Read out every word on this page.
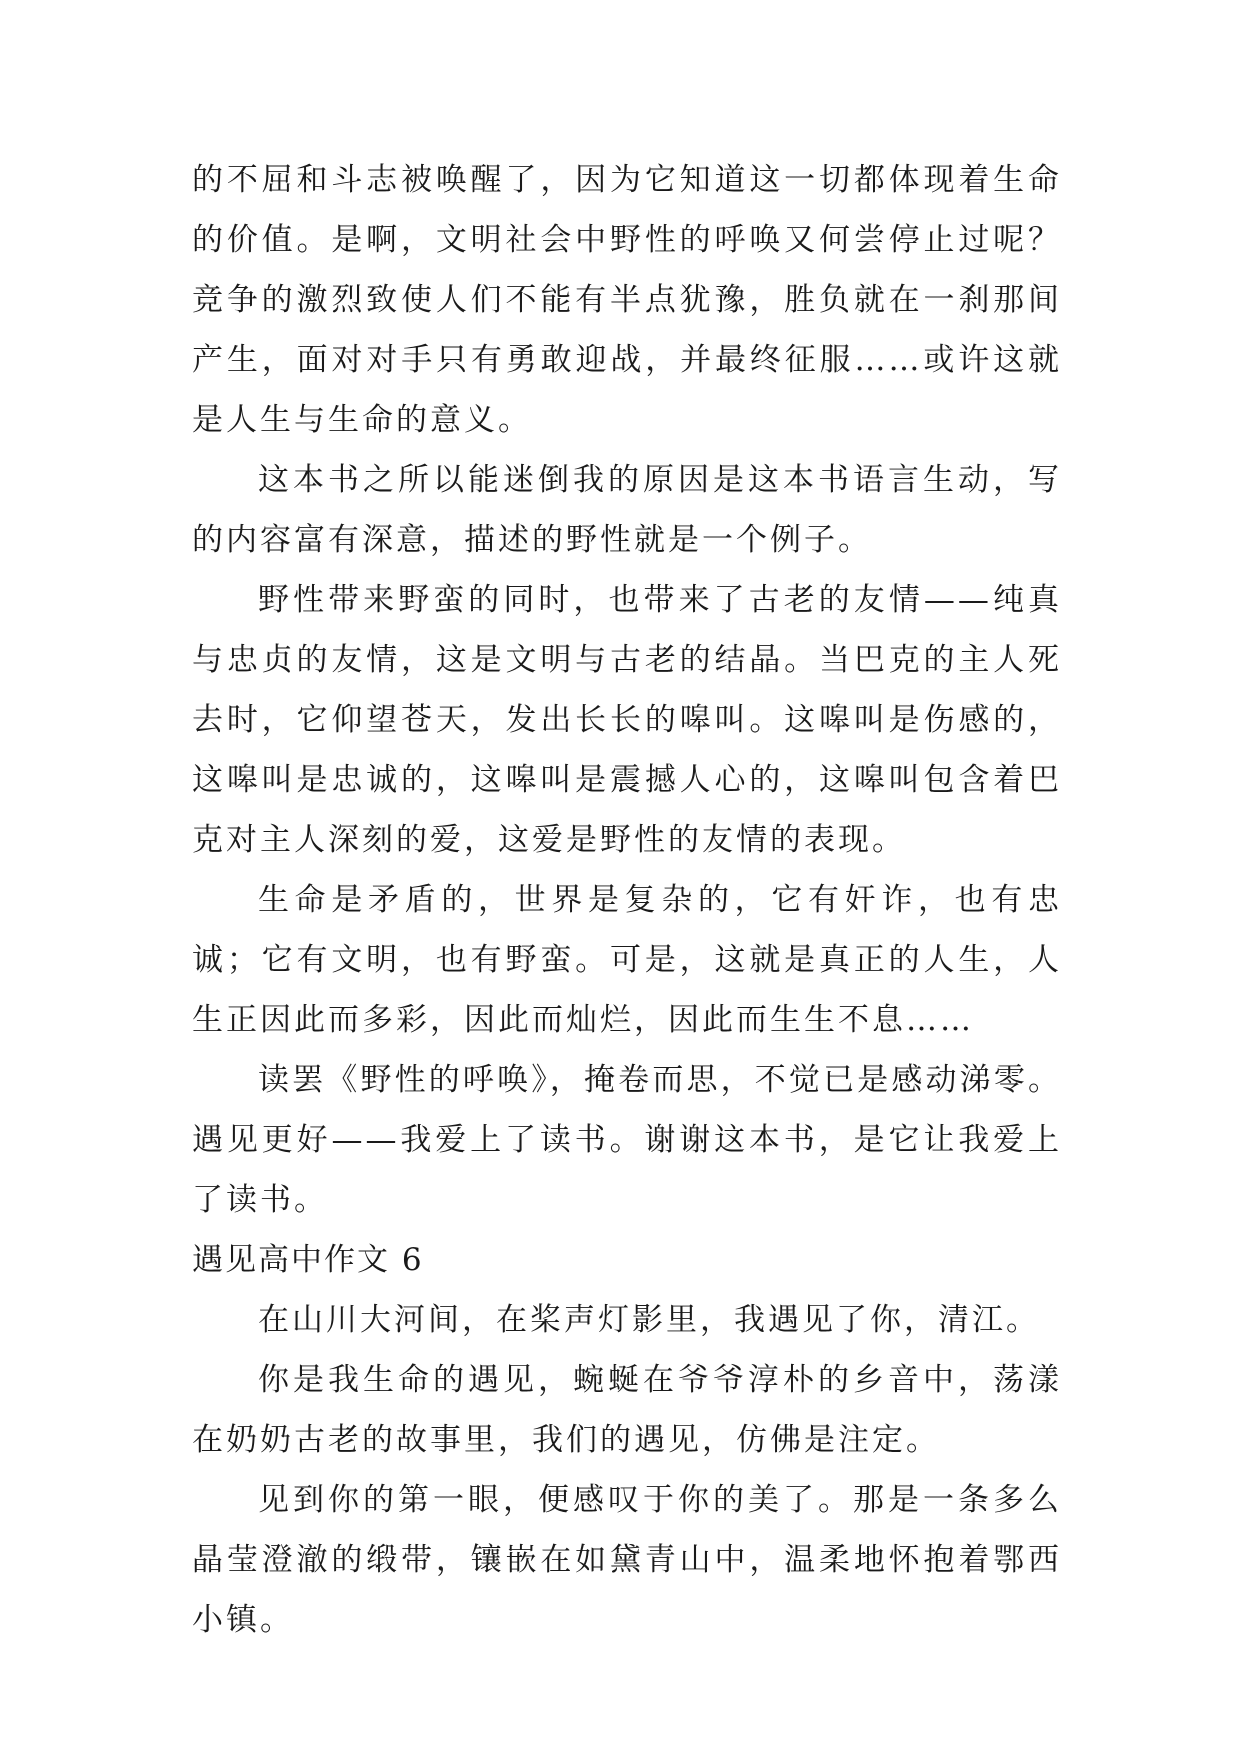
的不屈和斗志被唤醒了，因为它知道这一切都体现着生命的价值。是啊，文明社会中野性的呼唤又何尝停止过呢？竞争的激烈致使人们不能有半点犹豫，胜负就在一刹那间产生，面对对手只有勇敢迎战，并最终征服……或许这就是人生与生命的意义。

这本书之所以能迷倒我的原因是这本书语言生动，写的内容富有深意，描述的野性就是一个例子。

野性带来野蛮的同时，也带来了古老的友情——纯真与忠贞的友情，这是文明与古老的结晶。当巴克的主人死去时，它仰望苍天，发出长长的嗥叫。这嗥叫是伤感的，这嗥叫是忠诚的，这嗥叫是震撼人心的，这嗥叫包含着巴克对主人深刻的爱，这爱是野性的友情的表现。

生命是矛盾的，世界是复杂的，它有奸诈，也有忠诚；它有文明，也有野蛮。可是，这就是真正的人生，人生正因此而多彩，因此而灿烂，因此而生生不息……

读罢《野性的呼唤》，掩卷而思，不觉已是感动涕零。遇见更好——我爱上了读书。谢谢这本书，是它让我爱上了读书。

遇见高中作文 6

在山川大河间，在桨声灯影里，我遇见了你，清江。

你是我生命的遇见，蜿蜒在爷爷淳朴的乡音中，荡漾在奶奶古老的故事里，我们的遇见，仿佛是注定。

见到你的第一眼，便感叹于你的美了。那是一条多么晶莹澄澈的缎带，镶嵌在如黛青山中，温柔地怀抱着鄂西小镇。
